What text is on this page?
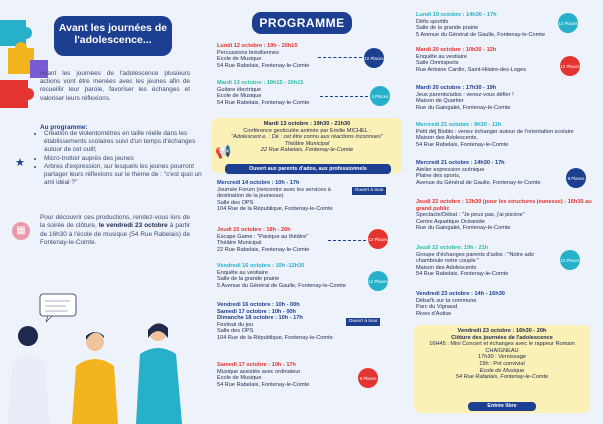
★
▦
Avant les journées de
l'adolescence...

Avant les journées de l'adolescence plusieurs actions vont être menées avec les jeunes afin de recueillir leur parole, favoriser les échanges et valoriser leurs réflexions.

Au programme:
• Création de violentomètres en taille réelle dans les établissements scolaires suivi d'un temps d'échanges autour de cet outil;
• Micro-trottoir auprès des jeunes
• Arbres d'expression, sur lesquels les jeunes pourront partager leurs réflexions sur le thème de : "c'est quoi un ami idéal ?"
Pour découvrir ces productions, rendez-vous lors de la soirée de clôture, le vendredi 23 octobre à partir de 16h30 à l'école de musique (54 Rue Rabelais) de Fontenay-le-Comte.
PROGRAMME
Lundi 12 octobre : 19h - 20h15
Percussions brésiliennes
Ecole de Musique
54 Rue Rabelais, Fontenay-le-Comte
10 Places
Mardi 13 octobre : 19h15 - 20h15
Guitare électrique
Ecole de Musique
54 Rue Rabelais, Fontenay-le-Comte
4 Places
Mardi 13 octobre : 19h30 - 21h30
Conférence gesticulée animée par Emilie MICHEL :
"Adolescent.e. : Dé : cet être connu aux réactions inconnues"
Théâtre Municipal
22 Rue Rabelais, Fontenay-le-Comte
📢
Ouvert aux parents d'ados, aux professionnels
Mercredi 14 octobre : 10h - 17h
Journée Forum (rencontre avec les services à
destination de la jeunesse)
Salle des OPS
104 Rue de la République, Fontenay-le-Comte
Ouvert à tous
Jeudi 15 octobre : 18h - 20h
Escape Game : "Panique au théâtre"
Théâtre Municipal
22 Rue Rabelais, Fontenay-le-Comte
12 Places
Vendredi 16 octobre : 10h -12h30
Enquête au vestiaire
Salle de la grande prairie
5 Avenue du Général de Gaulle, Fontenay-le-Comte
12 Places
Vendredi 16 octobre : 10h - 00h
Samedi 17 octobre : 10h - 00h
Dimanche 18 octobre : 10h - 17h
Festival du jeu
Salle des OPS
104 Rue de la République, Fontenay-le-Comte
Ouvert à tous
Samedi 17 octobre : 10h - 17h
Musique assistée avec ordinateur
Ecole de Musique
54 Rue Rabelais, Fontenay-le-Comte
5 Places
Lundi 19 octobre : 14h30 - 17h
Défis sportifs
Salle de la grande prairie
5 Avenue du Général de Gaulle, Fontenay-le-Comte
12 Places
Mardi 20 octobre : 10h30 - 12h
Enquête au vestiaire
Salle Omnisports
Rue Antoine Cardin, Saint-Hilaire-des-Loges
12 Places
Mardi 20 octobre : 17h30 - 19h
Jeux parents/ados : venez-vous défier !
Maison de Quartier
Rue du Gaingalet, Fontenay-le-Comte
Mercredi 21 octobre : 9h30 - 11h
Petit déj Bioblo : venez échanger autour de l'orientation scolaire
Maison des Adolescents,
54 Rue Rabelais, Fontenay-le-Comte
Mercredi 21 octobre : 14h30 - 17h
Atelier expression scénique
Plaine des sports,
Avenue du Général de Gaulle, Fontenay-le-Comte
8 Places
Jeudi 22 octobre : 13h30 (pour les structures jeunesse) - 16h30 au grand public
Spectacle/Débat : "Je peux pas, j'ai piscine"
Centre Aquatique Océanide
Rue du Gaingalet, Fontenay-le-Comte
Jeudi 22 octobre: 19h - 21h
Groupe d'échanges parents d'ados : "Notre ado
chamboule notre couple "
Maison des Adolescents
54 Rue Rabelais, Fontenay-le-Comte
12 Places
Vendredi 23 octobre : 14h - 16h30
Débat'k sur ta commune
Parc du Vignaud
Rives d'Autise
Vendredi 23 octobre : 16h30 - 20h
Clôture des journées de l'adolescence
16H45 : Mini Concert et échanges avec le rappeur Romain
CHAIGNEAU
17h30 : Vernissage
19h : Pot convivial
Ecole de Musique
54 Rue Rabelais, Fontenay-le-Comte
Entrée libre
